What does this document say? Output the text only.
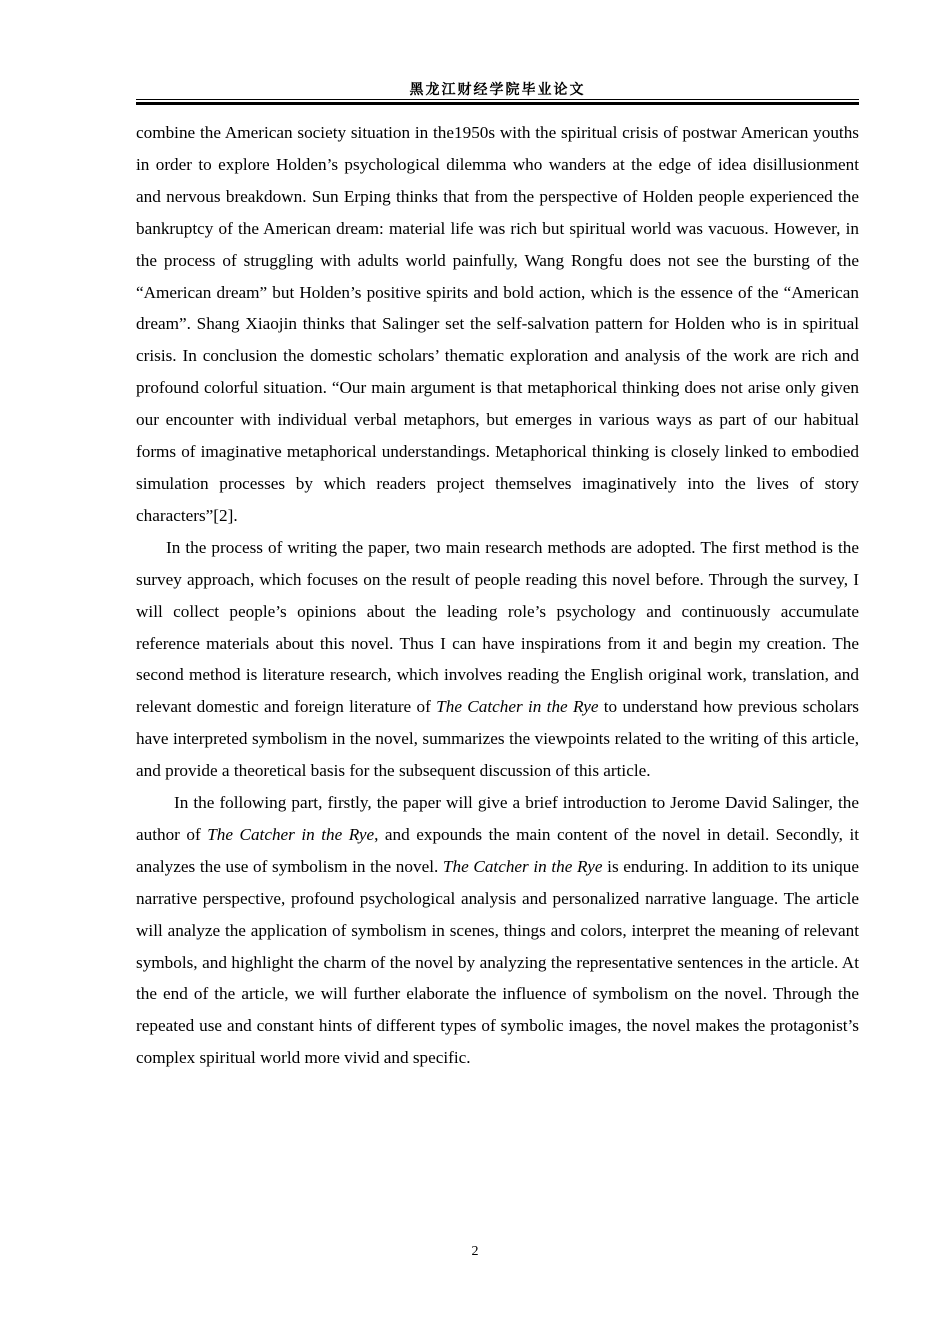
黑龙江财经学院毕业论文

combine the American society situation in the1950s with the spiritual crisis of postwar American youths in order to explore Holden’s psychological dilemma who wanders at the edge of idea disillusionment and nervous breakdown. Sun Erping thinks that from the perspective of Holden people experienced the bankruptcy of the American dream: material life was rich but spiritual world was vacuous. However, in the process of struggling with adults world painfully, Wang Rongfu does not see the bursting of the “American dream” but Holden’s positive spirits and bold action, which is the essence of the “American dream”. Shang Xiaojin thinks that Salinger set the self-salvation pattern for Holden who is in spiritual crisis. In conclusion the domestic scholars’ thematic exploration and analysis of the work are rich and profound colorful situation. “Our main argument is that metaphorical thinking does not arise only given our encounter with individual verbal metaphors, but emerges in various ways as part of our habitual forms of imaginative metaphorical understandings. Metaphorical thinking is closely linked to embodied simulation processes by which readers project themselves imaginatively into the lives of story characters”[2].

In the process of writing the paper, two main research methods are adopted. The first method is the survey approach, which focuses on the result of people reading this novel before. Through the survey, I will collect people’s opinions about the leading role’s psychology and continuously accumulate reference materials about this novel. Thus I can have inspirations from it and begin my creation. The second method is literature research, which involves reading the English original work, translation, and relevant domestic and foreign literature of The Catcher in the Rye to understand how previous scholars have interpreted symbolism in the novel, summarizes the viewpoints related to the writing of this article, and provide a theoretical basis for the subsequent discussion of this article.

In the following part, firstly, the paper will give a brief introduction to Jerome David Salinger, the author of The Catcher in the Rye, and expounds the main content of the novel in detail. Secondly, it analyzes the use of symbolism in the novel. The Catcher in the Rye is enduring. In addition to its unique narrative perspective, profound psychological analysis and personalized narrative language. The article will analyze the application of symbolism in scenes, things and colors, interpret the meaning of relevant symbols, and highlight the charm of the novel by analyzing the representative sentences in the article. At the end of the article, we will further elaborate the influence of symbolism on the novel. Through the repeated use and constant hints of different types of symbolic images, the novel makes the protagonist’s complex spiritual world more vivid and specific.

2
